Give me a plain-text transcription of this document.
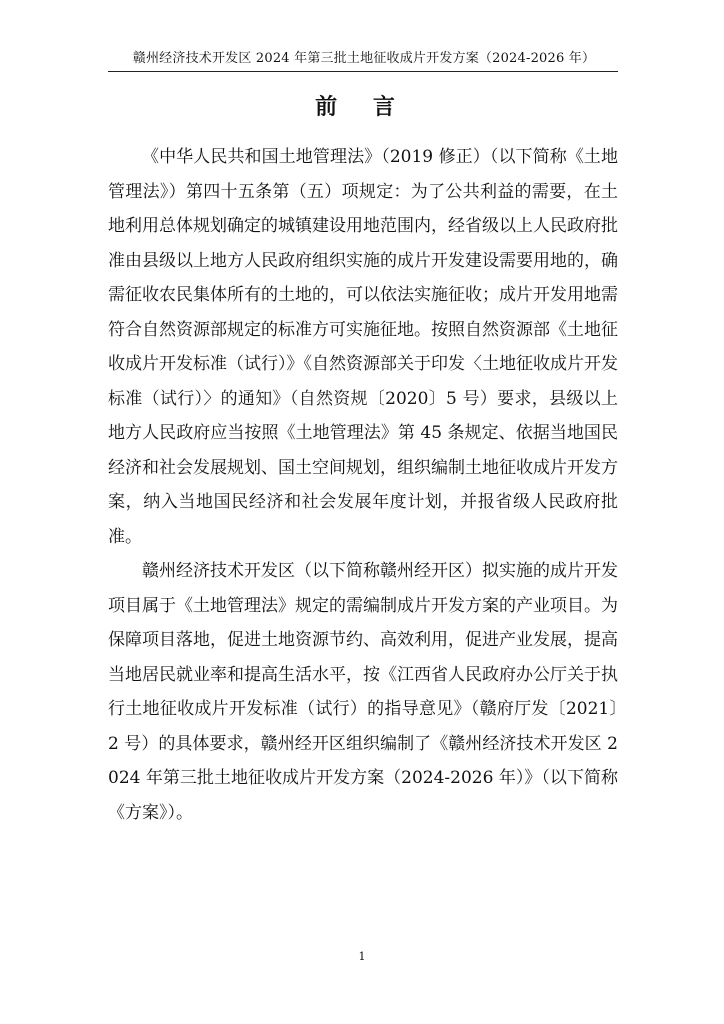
赣州经济技术开发区 2024 年第三批土地征收成片开发方案（2024-2026 年）
前 言

《中华人民共和国土地管理法》（2019 修正）（以下简称《土地管理法》）第四十五条第（五）项规定：为了公共利益的需要，在土地利用总体规划确定的城镇建设用地范围内，经省级以上人民政府批准由县级以上地方人民政府组织实施的成片开发建设需要用地的，确需征收农民集体所有的土地的，可以依法实施征收；成片开发用地需符合自然资源部规定的标准方可实施征地。按照自然资源部《土地征收成片开发标准（试行）》《自然资源部关于印发〈土地征收成片开发标准（试行）〉的通知》（自然资规〔2020〕5 号）要求，县级以上地方人民政府应当按照《土地管理法》第 45 条规定、依据当地国民经济和社会发展规划、国土空间规划，组织编制土地征收成片开发方案，纳入当地国民经济和社会发展年度计划，并报省级人民政府批准。

赣州经济技术开发区（以下简称赣州经开区）拟实施的成片开发项目属于《土地管理法》规定的需编制成片开发方案的产业项目。为保障项目落地，促进土地资源节约、高效利用，促进产业发展，提高当地居民就业率和提高生活水平，按《江西省人民政府办公厅关于执行土地征收成片开发标准（试行）的指导意见》（赣府厅发〔2021〕2 号）的具体要求，赣州经开区组织编制了《赣州经济技术开发区 2024 年第三批土地征收成片开发方案（2024-2026 年）》（以下简称《方案》）。

1
